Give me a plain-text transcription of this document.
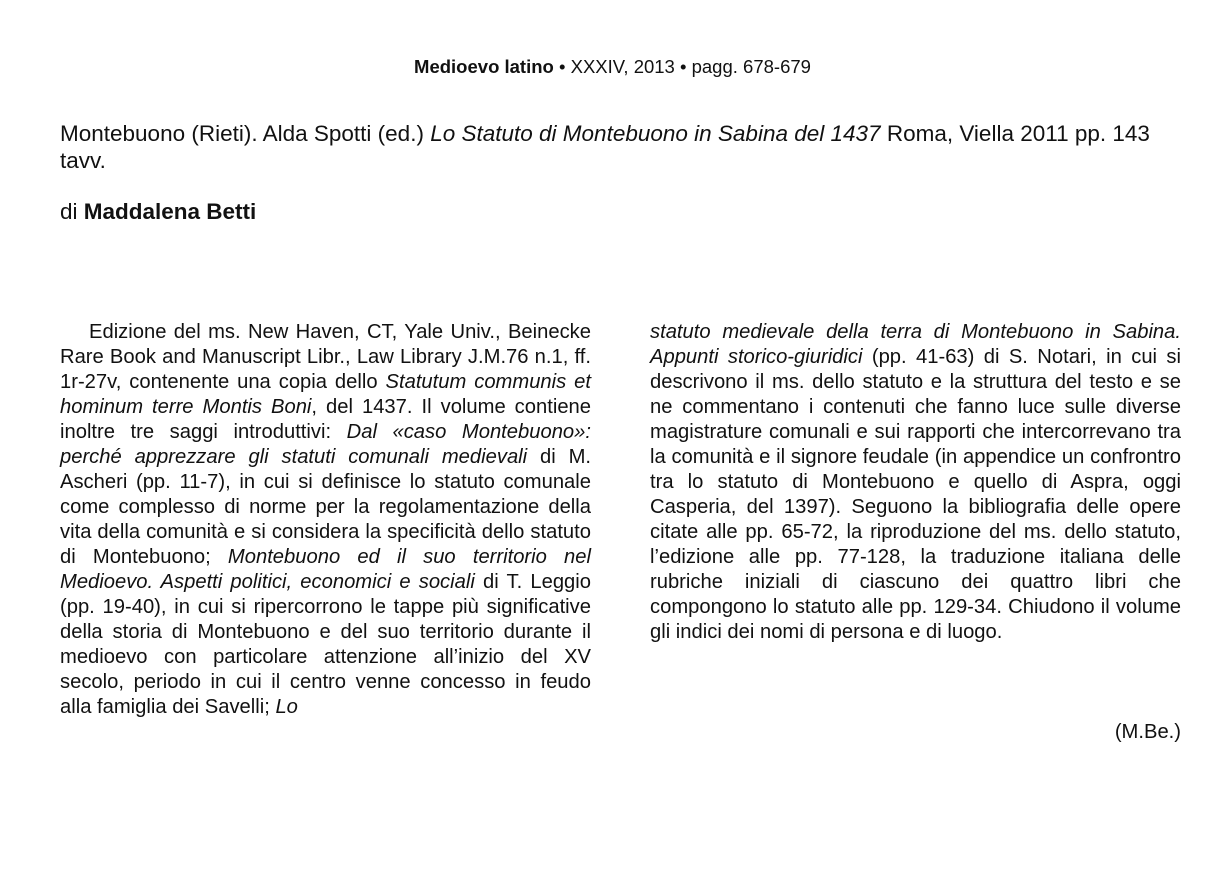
Medioevo latino • XXXIV, 2013 • pagg. 678-679
Montebuono (Rieti). Alda Spotti (ed.) Lo Statuto di Montebuono in Sabina del 1437 Roma, Viella 2011 pp. 143 tavv.
di Maddalena Betti

Edizione del ms. New Haven, CT, Yale Univ., Beinecke Rare Book and Manuscript Libr., Law Library J.M.76 n.1, ff. 1r-27v, contenente una copia dello Statutum communis et hominum terre Montis Boni, del 1437. Il volume contiene inoltre tre saggi introduttivi: Dal «caso Montebuono»: perché apprezzare gli statuti comunali medievali di M. Ascheri (pp. 11-7), in cui si definisce lo statuto comunale come complesso di norme per la regolamentazione della vita della comunità e si considera la specificità dello statuto di Montebuono; Montebuono ed il suo territorio nel Medioevo. Aspetti politici, economici e sociali di T. Leggio (pp. 19-40), in cui si ripercorrono le tappe più significative della storia di Montebuono e del suo territorio durante il medioevo con particolare attenzione all’inizio del XV secolo, periodo in cui il centro venne concesso in feudo alla famiglia dei Savelli; Lo

statuto medievale della terra di Montebuono in Sabina. Appunti storico-giuridici (pp. 41-63) di S. Notari, in cui si descrivono il ms. dello statuto e la struttura del testo e se ne commentano i contenuti che fanno luce sulle diverse magistrature comunali e sui rapporti che intercorrevano tra la comunità e il signore feudale (in appendice un confrontro tra lo statuto di Montebuono e quello di Aspra, oggi Casperia, del 1397). Seguono la bibliografia delle opere citate alle pp. 65-72, la riproduzione del ms. dello statuto, l’edizione alle pp. 77-128, la traduzione italiana delle rubriche iniziali di ciascuno dei quattro libri che compongono lo statuto alle pp. 129-34. Chiudono il volume gli indici dei nomi di persona e di luogo.

(M.Be.)
